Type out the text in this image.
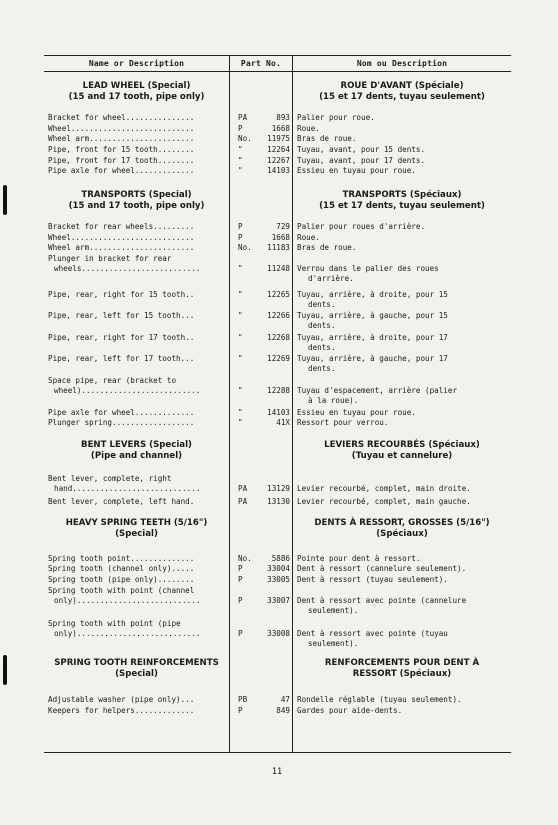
Name or Description	Part No.	Nom ou Description
LEAD WHEEL (Special)
(15 and 17 tooth, pipe only)
ROUE D'AVANT (Spéciale)
(15 et 17 dents, tuyau seulement)
Bracket for wheel...............	PA	893 Palier pour roue.
Wheel...........................	P	1668 Roue.
Wheel arm.......................	No.	11975 Bras de roue.
Pipe, front for 15 tooth........	"	12264 Tuyau, avant, pour 15 dents.
Pipe, front for 17 tooth........	"	12267 Tuyau, avant, pour 17 dents.
Pipe axle for wheel.............	"	14103 Essieu en tuyau pour roue.
TRANSPORTS (Special)
(15 and 17 tooth, pipe only)
TRANSPORTS (Spéciaux)
(15 et 17 dents, tuyau seulement)
Bracket for rear wheels.........	P	729 Palier pour roues d'arrière.
Wheel...........................	P	1668 Roue.
Wheel arm.......................	No.	11183 Bras de roue.
Plunger in bracket for rear
wheels..........................	"	11248 Verrou dans le palier des roues
d'arrière.
Pipe, rear, right for 15 tooth..	"	12265 Tuyau, arrière, à droite, pour 15
dents.
Pipe, rear, left for 15 tooth...	"	12266 Tuyau, arrière, à gauche, pour 15
dents.
Pipe, rear, right for 17 tooth..	"	12268 Tuyau, arrière, à droite, pour 17
dents.
Pipe, rear, left for 17 tooth...	"	12269 Tuyau, arrière, à gauche, pour 17
dents.
Space pipe, rear (bracket to
wheel)..........................	"	12288 Tuyau d'espacement, arrière (palier
à la roue).
Pipe axle for wheel.............	"	14103 Essieu en tuyau pour roue.
Plunger spring..................	"	41X Ressort pour verrou.
BENT LEVERS (Special)
(Pipe and channel)
LEVIERS RECOURBÉS (Spéciaux)
(Tuyau et cannelure)
Bent lever, complete, right
hand............................	PA	13129 Levier recourbé, complet, main droite.
Bent lever, complete, left hand.	PA	13130 Levier recourbé, complet, main gauche.
HEAVY SPRING TEETH (5/16")
(Special)
DENTS À RESSORT, GROSSES (5/16")
(Spéciaux)
Spring tooth point..............	No.	5886 Pointe pour dent à ressort.
Spring tooth (channel only).....	P	33004 Dent à ressort (cannelure seulement).
Spring tooth (pipe only)........	P	33005 Dent à ressort (tuyau seulement).
Spring tooth with point (channel
only)...........................	P	33007 Dent à ressort avec pointe (cannelure
seulement).
Spring tooth with point (pipe
only)...........................	P	33008 Dent à ressort avec pointe (tuyau
seulement).
SPRING TOOTH REINFORCEMENTS
(Special)
RENFORCEMENTS POUR DENT À
RESSORT (Spéciaux)
Adjustable washer (pipe only)...	PB	47 Rondelle réglable (tuyau seulement).
Keepers for helpers.............	P	849 Gardes pour aide-dents.
11
